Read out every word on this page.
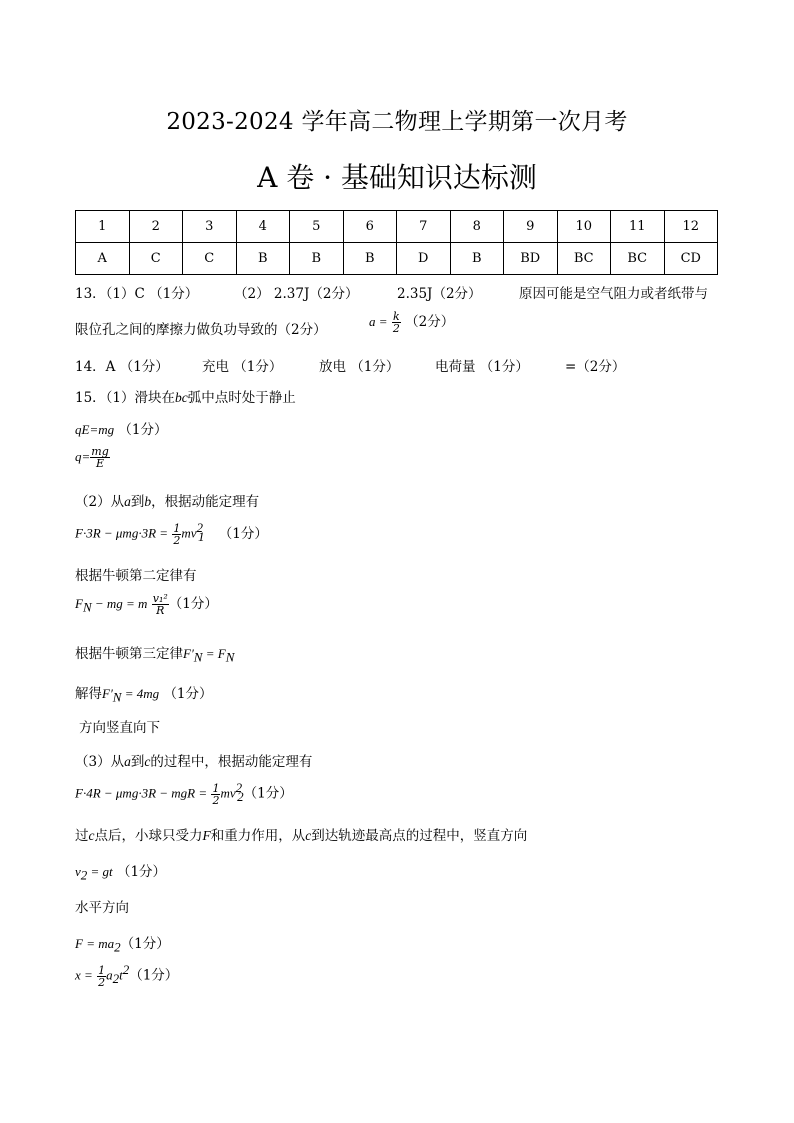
2023-2024 学年高二物理上学期第一次月考
A 卷 · 基础知识达标测
1	2	3	4	5	6	7	8	9	10	11	12
A	C	C	B	B	B	D	B	BD	BC	BC	CD
13．（1）C （1分）	（2） 2.37J（2分）	2.35J（2分）	原因可能是空气阻力或者纸带与
限位孔之间的摩擦力做负功导致的（2分）
$a = \frac{k}{2} (2$分）
14．A （1分） 充电 （1分）	放电 （1分）	电荷量 （1分）	=（2分）
15．（1）滑块在bc弧中点时处于静止
qE=mg （1分）
$q= \frac{mg}{E}$
（2）从a到b，根据动能定理有
$F\cdot 3R - \mu mg\cdot 3R = \frac{1}{2} mv^2_1$ （1分）
根据牛顿第二定律有
$F_N$ − mg = m $\frac{\text{v₁²}}{R} (1$分）
根据牛顿第三定律$F'_N = F_N$
解得$F'_N = 4mg$ （1分）
方向竖直向下
（3）从a到c的过程中，根据动能定理有
F·4R − μmg·3R − mgR = $\frac{1}{2} mv^2_2(1$分）
过c点后，小球只受力F和重力作用，从c到达轨迹最高点的过程中，竖直方向
$v_2$ = gt （1分）
水平方向
$F = ma_2(1$分）
$x = \frac{1}{2} a_2t^2(1$分）
